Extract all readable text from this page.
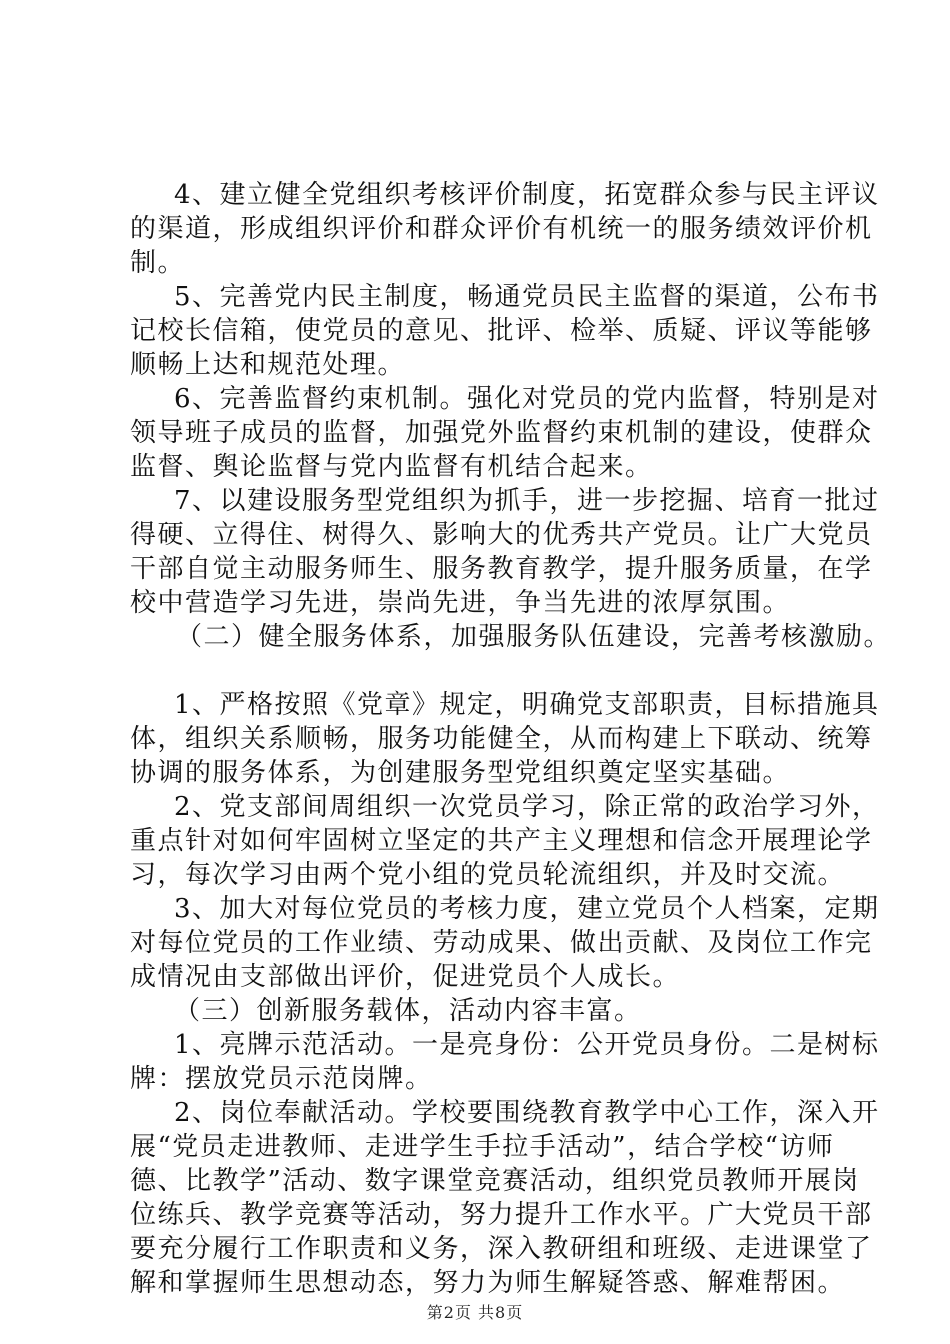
4、建立健全党组织考核评价制度，拓宽群众参与民主评议
的渠道，形成组织评价和群众评价有机统一的服务绩效评价机
制。
5、完善党内民主制度，畅通党员民主监督的渠道，公布书
记校长信箱，使党员的意见、批评、检举、质疑、评议等能够
顺畅上达和规范处理。
6、完善监督约束机制。强化对党员的党内监督，特别是对
领导班子成员的监督，加强党外监督约束机制的建设，使群众
监督、舆论监督与党内监督有机结合起来。
7、以建设服务型党组织为抓手，进一步挖掘、培育一批过
得硬、立得住、树得久、影响大的优秀共产党员。让广大党员
干部自觉主动服务师生、服务教育教学，提升服务质量，在学
校中营造学习先进，崇尚先进，争当先进的浓厚氛围。
（二）健全服务体系，加强服务队伍建设，完善考核激励。
1、严格按照《党章》规定，明确党支部职责，目标措施具
体，组织关系顺畅，服务功能健全，从而构建上下联动、统筹
协调的服务体系，为创建服务型党组织奠定坚实基础。
2、党支部间周组织一次党员学习，除正常的政治学习外，
重点针对如何牢固树立坚定的共产主义理想和信念开展理论学
习，每次学习由两个党小组的党员轮流组织，并及时交流。
3、加大对每位党员的考核力度，建立党员个人档案，定期
对每位党员的工作业绩、劳动成果、做出贡献、及岗位工作完
成情况由支部做出评价，促进党员个人成长。
（三）创新服务载体，活动内容丰富。
1、亮牌示范活动。一是亮身份：公开党员身份。二是树标
牌：摆放党员示范岗牌。
2、岗位奉献活动。学校要围绕教育教学中心工作，深入开
展“党员走进教师、走进学生手拉手活动”，结合学校“访师
德、比教学”活动、数字课堂竞赛活动，组织党员教师开展岗
位练兵、教学竞赛等活动，努力提升工作水平。广大党员干部
要充分履行工作职责和义务，深入教研组和班级、走进课堂了
解和掌握师生思想动态，努力为师生解疑答惑、解难帮困。
第2页 共8页
